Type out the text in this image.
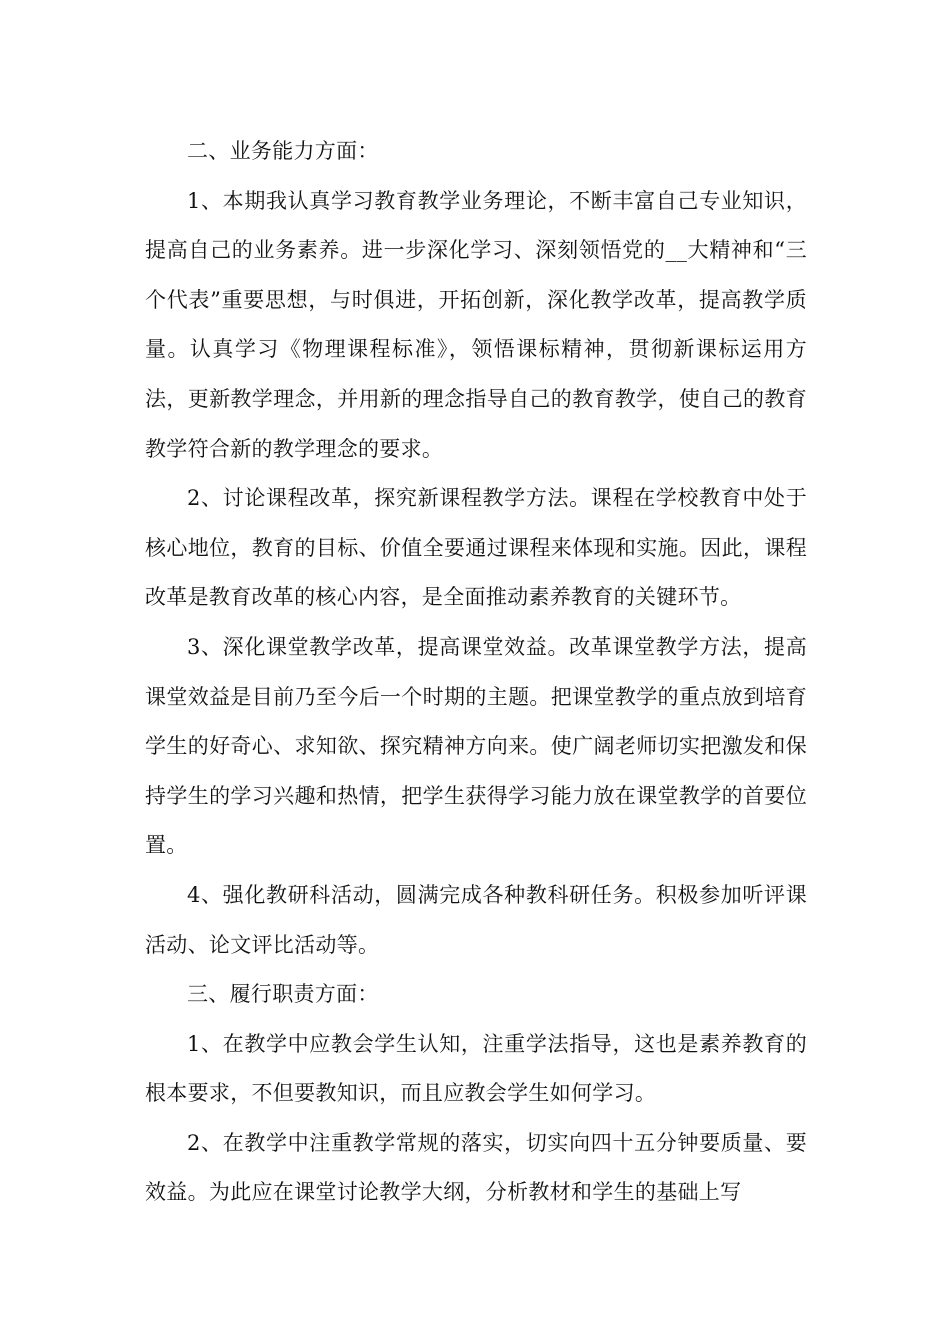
二、业务能力方面：

1、本期我认真学习教育教学业务理论，不断丰富自己专业知识，提高自己的业务素养。进一步深化学习、深刻领悟党的__大精神和“三个代表”重要思想，与时俱进，开拓创新，深化教学改革，提高教学质量。认真学习《物理课程标准》，领悟课标精神，贯彻新课标运用方法，更新教学理念，并用新的理念指导自己的教育教学，使自己的教育教学符合新的教学理念的要求。

2、讨论课程改革，探究新课程教学方法。课程在学校教育中处于核心地位，教育的目标、价值全要通过课程来体现和实施。因此，课程改革是教育改革的核心内容，是全面推动素养教育的关键环节。

3、深化课堂教学改革，提高课堂效益。改革课堂教学方法，提高课堂效益是目前乃至今后一个时期的主题。把课堂教学的重点放到培育学生的好奇心、求知欲、探究精神方向来。使广阔老师切实把激发和保持学生的学习兴趣和热情，把学生获得学习能力放在课堂教学的首要位置。

4、强化教研科活动，圆满完成各种教科研任务。积极参加听评课活动、论文评比活动等。

三、履行职责方面：

1、在教学中应教会学生认知，注重学法指导，这也是素养教育的根本要求，不但要教知识，而且应教会学生如何学习。

2、在教学中注重教学常规的落实，切实向四十五分钟要质量、要效益。为此应在课堂讨论教学大纲，分析教材和学生的基础上写
